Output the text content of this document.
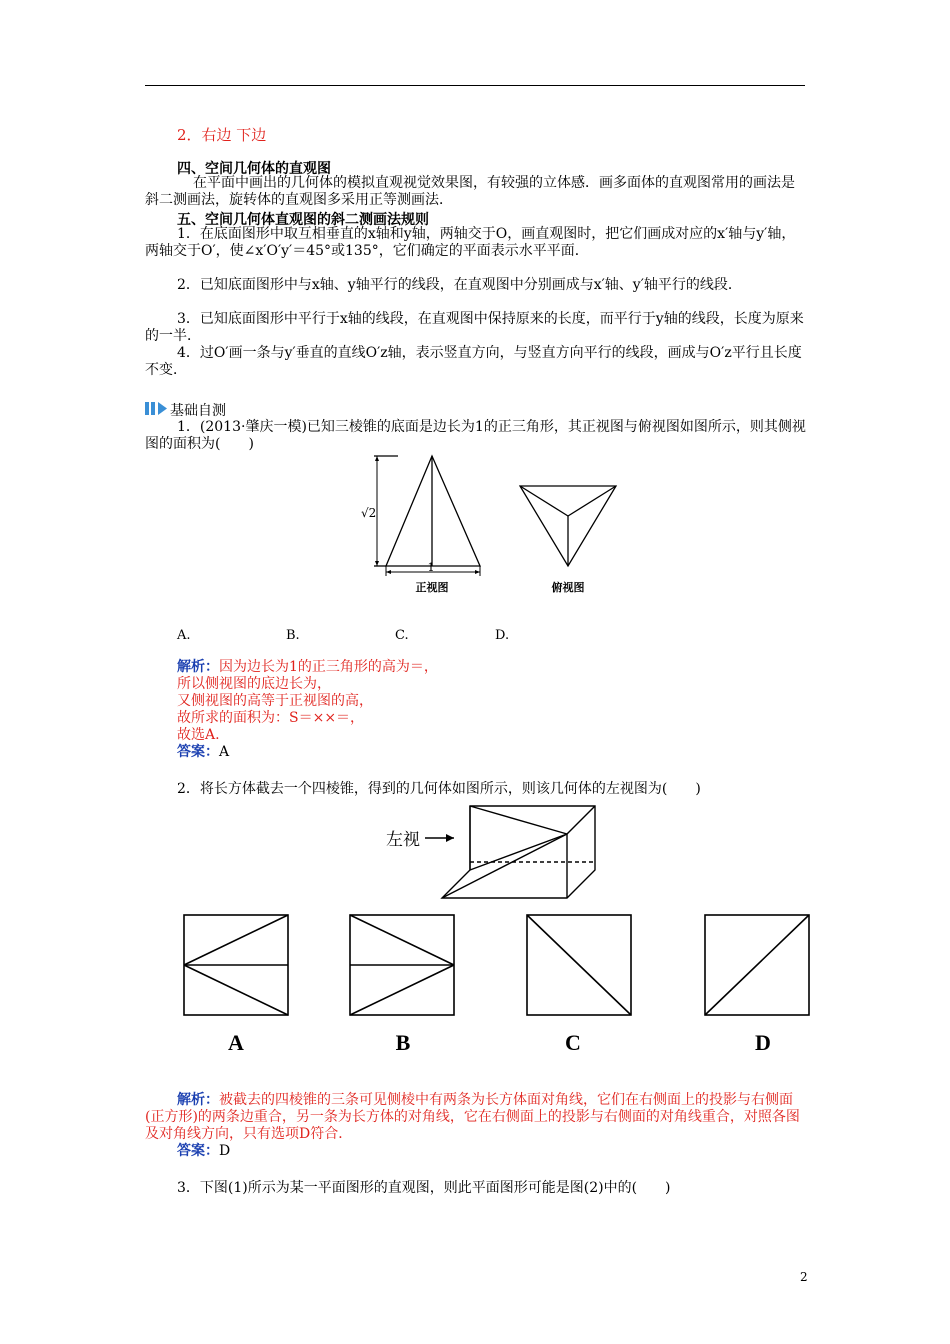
2．右边 下边
四、空间几何体的直观图
在平面中画出的几何体的模拟直观视觉效果图，有较强的立体感．画多面体的直观图常用的画法是斜二测画法，旋转体的直观图多采用正等测画法．
五、空间几何体直观图的斜二测画法规则
1．在底面图形中取互相垂直的x轴和y轴，两轴交于O，画直观图时，把它们画成对应的x′轴与y′轴，两轴交于O′，使∠x′O′y′＝45°或135°，它们确定的平面表示水平平面．
2．已知底面图形中与x轴、y轴平行的线段，在直观图中分别画成与x′轴、y′轴平行的线段．
3．已知底面图形中平行于x轴的线段，在直观图中保持原来的长度，而平行于y轴的线段，长度为原来的一半．
4．过O′画一条与y′垂直的直线O′z轴，表示竖直方向，与竖直方向平行的线段，画成与O′z平行且长度不变．
基础自测
1．(2013·肇庆一模)已知三棱锥的底面是边长为1的正三角形，其正视图与俯视图如图所示，则其侧视图的面积为(　　)
√2
1
正视图	俯视图
A.	B.	C.	D.
解析：因为边长为1的正三角形的高为＝，
所以侧视图的底边长为，
又侧视图的高等于正视图的高，
故所求的面积为：S＝××＝，
故选A.
答案：A
2．将长方体截去一个四棱锥，得到的几何体如图所示，则该几何体的左视图为(　　)
左视
A	B	C	D
解析：被截去的四棱锥的三条可见侧棱中有两条为长方体面对角线，它们在右侧面上的投影与右侧面(正方形)的两条边重合，另一条为长方体的对角线，它在右侧面上的投影与右侧面的对角线重合，对照各图及对角线方向，只有选项D符合．
答案：D
3．下图(1)所示为某一平面图形的直观图，则此平面图形可能是图(2)中的(　　)
2
